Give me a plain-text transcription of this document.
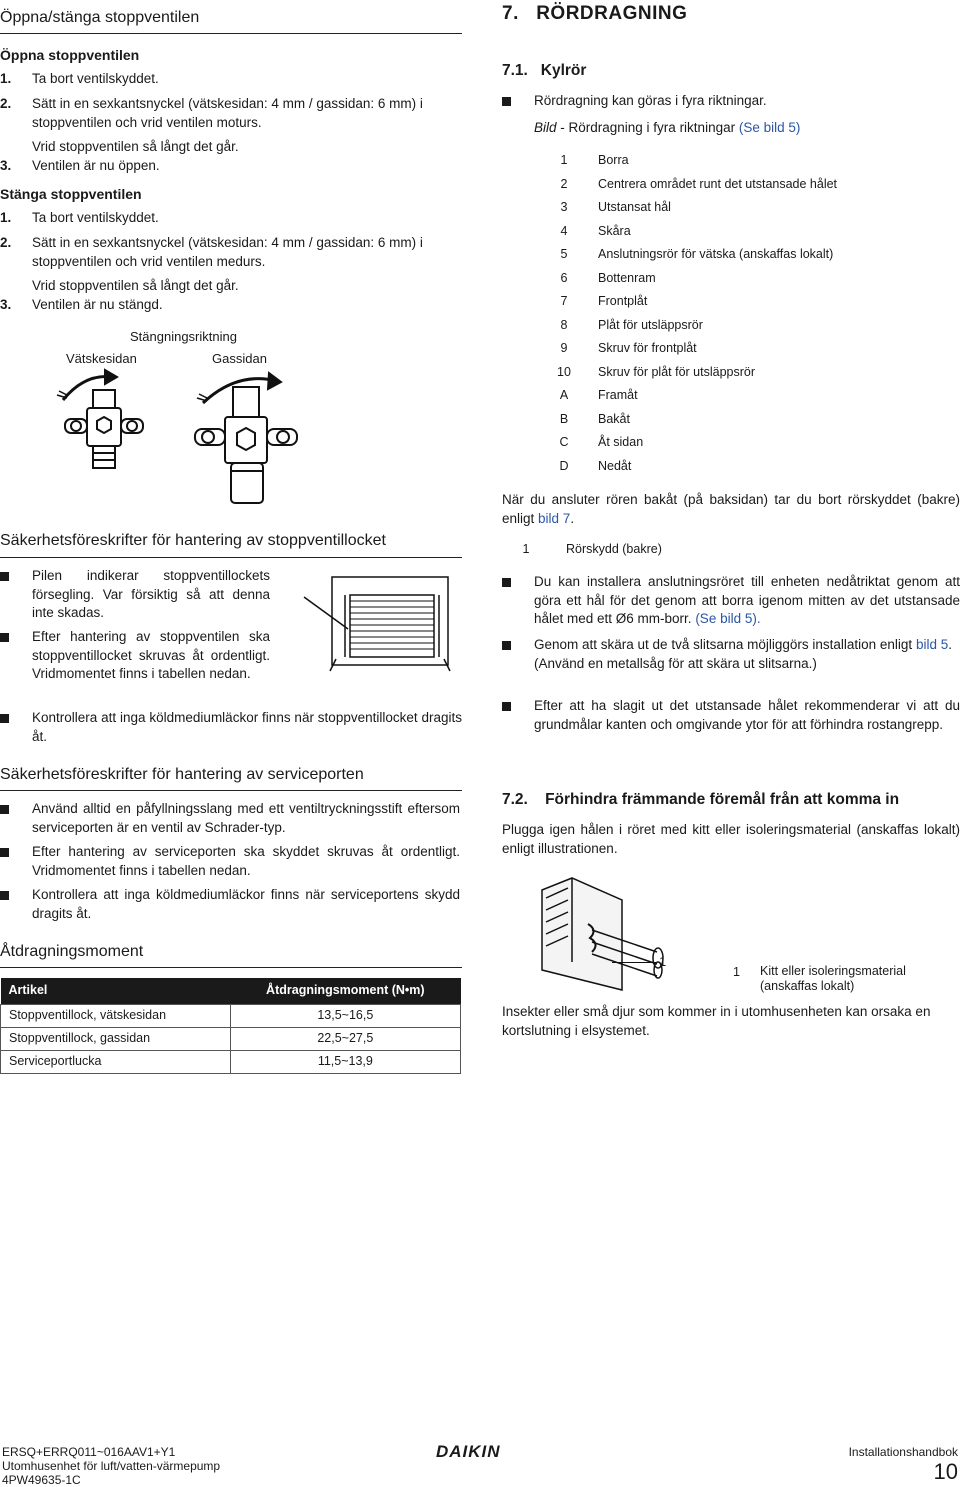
Öppna/stänga stoppventilen
Öppna stoppventilen
1. Ta bort ventilskyddet.
2. Sätt in en sexkantsnyckel (vätskesidan: 4 mm / gassidan: 6 mm) i stoppventilen och vrid ventilen moturs.
3.Vrid stoppventilen så långt det går. Ventilen är nu öppen.
Stänga stoppventilen
1. Ta bort ventilskyddet.
2. Sätt in en sexkantsnyckel (vätskesidan: 4 mm / gassidan: 6 mm) i stoppventilen och vrid ventilen medurs.
3.Vrid stoppventilen så långt det går. Ventilen är nu stängd.
Stängningsriktning
Vätskesidan	Gassidan
Säkerhetsföreskrifter för hantering av stoppventillocket
Pilen indikerar stoppventillockets försegling. Var försiktig så att denna inte skadas.
Efter hantering av stoppventilen ska stoppventillocket skruvas åt ordentligt. Vridmomentet finns i tabellen nedan.
Kontrollera att inga köldmediumläckor finns när stoppventillocket dragits åt.
Säkerhetsföreskrifter för hantering av serviceporten
Använd alltid en påfyllningsslang med ett ventiltryckningsstift eftersom serviceporten är en ventil av Schrader-typ.
Efter hantering av serviceporten ska skyddet skruvas åt ordentligt. Vridmomentet finns i tabellen nedan.
Kontrollera att inga köldmediumläckor finns när serviceportens skydd dragits åt.
Åtdragningsmoment
Artikel	Åtdragningsmoment (N•m)
Stoppventillock, vätskesidan	13,5~16,5
Stoppventillock, gassidan	22,5~27,5
Serviceportlucka	11,5~13,9
7. RÖRDRAGNING
7.1. Kylrör
Rördragning kan göras i fyra riktningar.
Bild - Rördragning i fyra riktningar (Se bild 5)
1	Borra
2	Centrera området runt det utstansade hålet
3	Utstansat hål
4	Skåra
5	Anslutningsrör för vätska (anskaffas lokalt)
6	Bottenram
7	Frontplåt
8	Plåt för utsläppsrör
9	Skruv för frontplåt
10 Skruv för plåt för utsläppsrör
A	Framåt
B	Bakåt
C	Åt sidan
D	Nedåt
När du ansluter rören bakåt (på baksidan) tar du bort rörskyddet (bakre) enligt bild 7.
1	Rörskydd (bakre)
Du kan installera anslutningsröret till enheten nedåtriktat genom att göra ett hål för det genom att borra igenom mitten av det utstansade hålet med ett Ø6 mm-borr. (Se bild 5).
Genom att skära ut de två slitsarna möjliggörs installation enligt bild 5.
(Använd en metallsåg för att skära ut slitsarna.)
Efter att ha slagit ut det utstansade hålet rekommenderar vi att du grundmålar kanten och omgivande ytor för att förhindra rostangrepp.
7.2. Förhindra främmande föremål från att komma in
Plugga igen hålen i röret med kitt eller isoleringsmaterial (anskaffas lokalt) enligt illustrationen.
1
1 Kitt eller isoleringsmaterial (anskaffas lokalt)
Insekter eller små djur som kommer in i utomhusenheten kan orsaka en kortslutning i elsystemet.
ERSQ+ERRQ011~016AAV1+Y1
Utomhusenhet för luft/vatten-värmepump
4PW49635-1C
DAIKIN	Installationshandbok
10
